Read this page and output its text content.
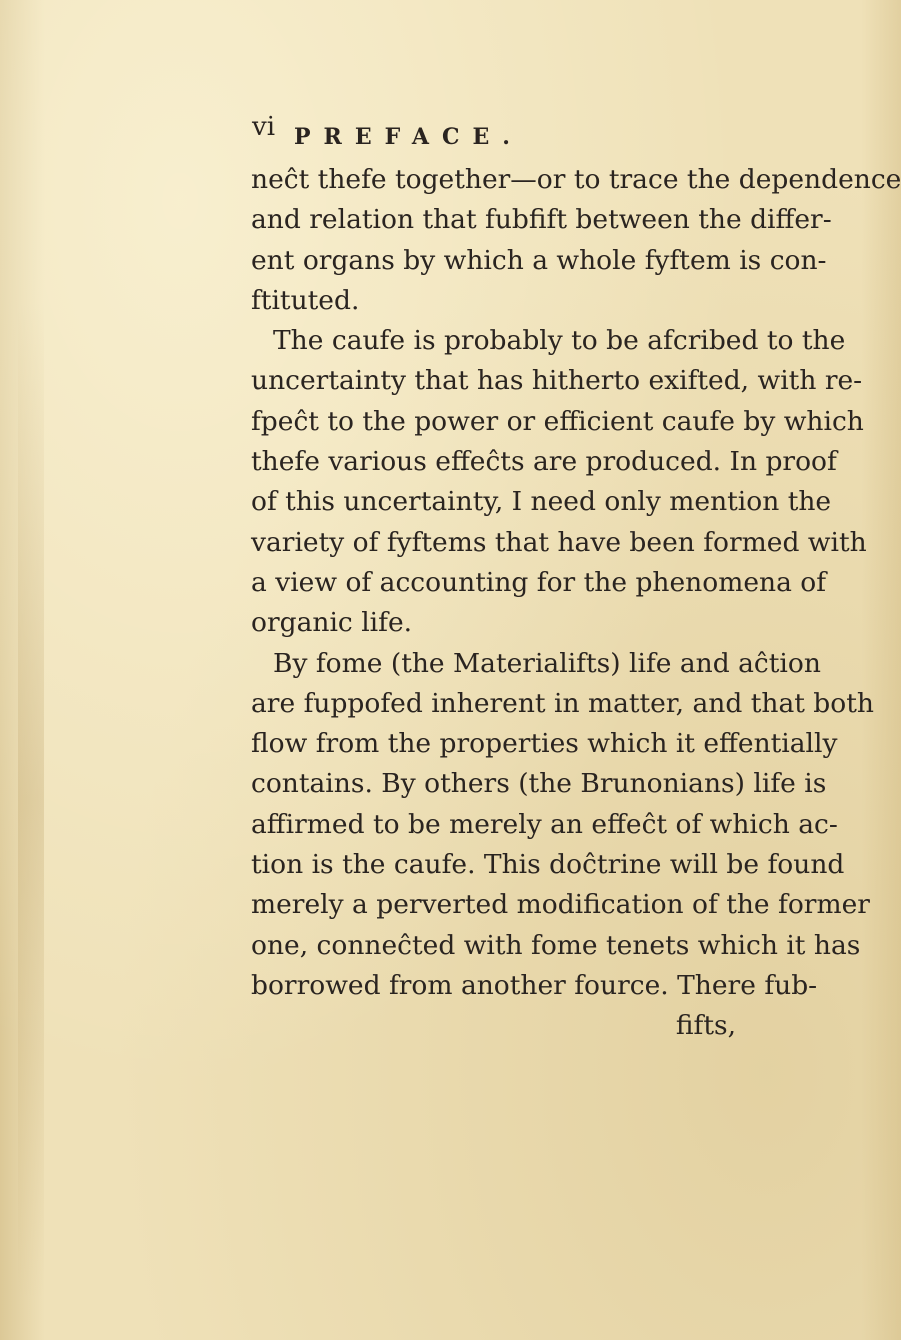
vi PREFACE.
neĉt thefe together—or to trace the dependence
and relation that fubfift between the differ-
ent organs by which a whole fyftem is con-
ftituted.
The caufe is probably to be afcribed to the
uncertainty that has hitherto exifted, with re-
fpeĉt to the power or efficient caufe by which
thefe various effeĉts are produced. In proof
of this uncertainty, I need only mention the
variety of fyftems that have been formed with
a view of accounting for the phenomena of
organic life.
By fome (the Materialifts) life and aĉtion
are fuppofed inherent in matter, and that both
flow from the properties which it effentially
contains. By others (the Brunonians) life is
affirmed to be merely an effeĉt of which ac-
tion is the caufe. This doĉtrine will be found
merely a perverted modification of the former
one, conneĉted with fome tenets which it has
borrowed from another fource. There fub-
fifts,
